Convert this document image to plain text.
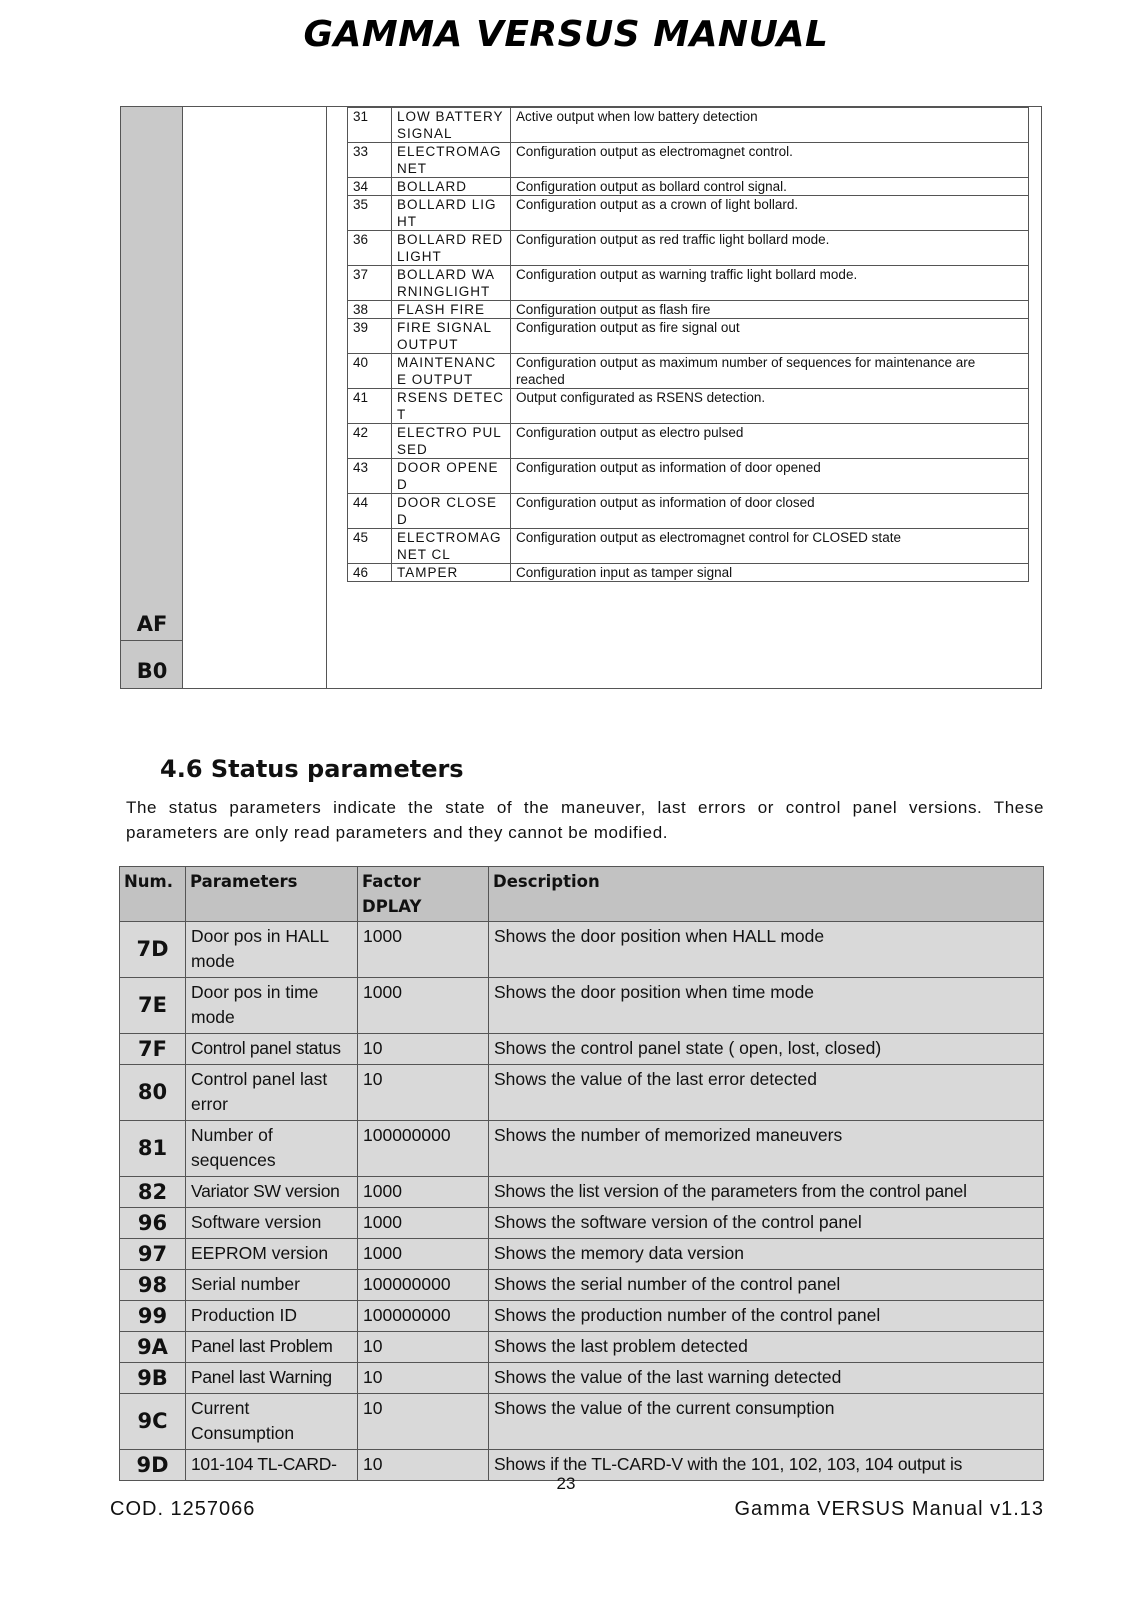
GAMMA VERSUS MANUAL
AF
B0
31	LOW BATTERY SIGNAL	Active output when low battery detection
33	ELECTROMAGNET	Configuration output as electromagnet control.
34	BOLLARD	Configuration output as bollard control signal.
35	BOLLARD LIGHT	Configuration output as a crown of light bollard.
36	BOLLARD RED LIGHT	Configuration output as red traffic light bollard mode.
37	BOLLARD WARNINGLIGHT	Configuration output as warning traffic light bollard mode.
38	FLASH FIRE	Configuration output as flash fire
39	FIRE SIGNAL OUTPUT	Configuration output as fire signal out
40	MAINTENANCE OUTPUT	Configuration output as maximum number of sequences for maintenance are reached
41	RSENS DETECT	Output configurated as RSENS detection.
42	ELECTRO PULSED	Configuration output as electro pulsed
43	DOOR OPENED	Configuration output as information of door opened
44	DOOR CLOSED	Configuration output as information of door closed
45	ELECTROMAGNET CL	Configuration output as electromagnet control for CLOSED state
46	TAMPER	Configuration input as tamper signal
4.6 Status parameters
The status parameters indicate the state of the maneuver, last errors or control panel versions. These parameters are only read parameters and they cannot be modified.
Num.	Parameters	Factor DPLAY	Description
7D	Door pos in HALL mode	1000	Shows the door position when HALL mode
7E	Door pos in time mode	1000	Shows the door position when time mode
7F	Control panel status	10	Shows the control panel state ( open, lost, closed)
80	Control panel last error	10	Shows the value of the last error detected
81	Number of sequences	100000000	Shows the number of memorized maneuvers
82	Variator SW version	1000	Shows the list version of the parameters from the control panel
96	Software version	1000	Shows the software version of the control panel
97	EEPROM version	1000	Shows the memory data version
98	Serial number	100000000	Shows the serial number of the control panel
99	Production ID	100000000	Shows the production number of the control panel
9A	Panel last Problem	10	Shows the last problem detected
9B	Panel last Warning	10	Shows the value of the last warning detected
9C	Current Consumption	10	Shows the value of the current consumption
9D	101-104 TL-CARD-	10	Shows if the TL-CARD-V with the 101, 102, 103, 104 output is
23
COD. 1257066	Gamma VERSUS Manual v1.13
